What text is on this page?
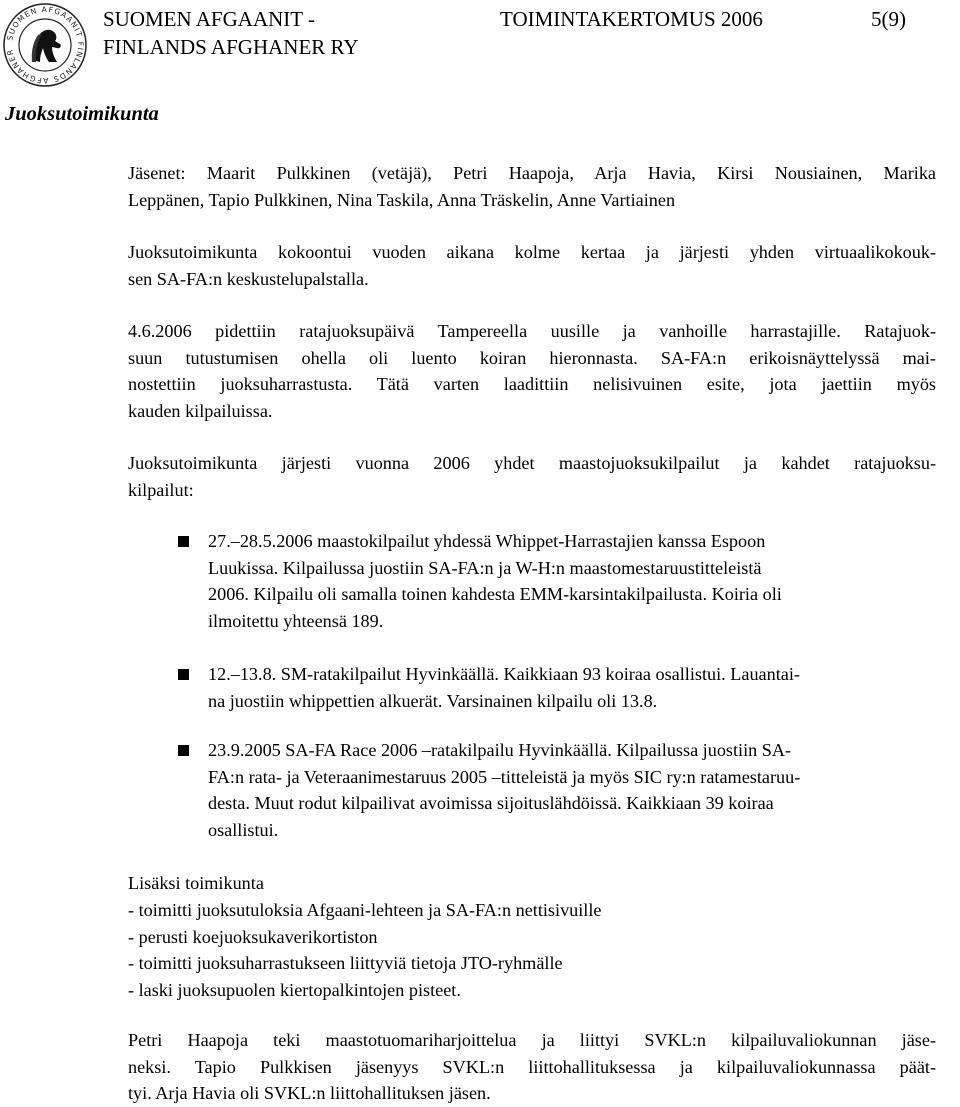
SUOMEN AFGAANIT FINLANDS AFGHANER
SUOMEN AFGAANIT -
FINLANDS AFGHANER RY
TOIMINTAKERTOMUS 2006	5(9)
Juoksutoimikunta
Jäsenet: Maarit Pulkkinen (vetäjä), Petri Haapoja, Arja Havia, Kirsi Nousiainen, Marika
Leppänen, Tapio Pulkkinen, Nina Taskila, Anna Träskelin, Anne Vartiainen
Juoksutoimikunta kokoontui vuoden aikana kolme kertaa ja järjesti yhden virtuaalikokouk-
sen SA-FA:n keskustelupalstalla.
4.6.2006 pidettiin ratajuoksupäivä Tampereella uusille ja vanhoille harrastajille. Ratajuok-
suun tutustumisen ohella oli luento koiran hieronnasta. SA-FA:n erikoisnäyttelyssä mai-
nostettiin juoksuharrastusta. Tätä varten laadittiin nelisivuinen esite, jota jaettiin myös
kauden kilpailuissa.
Juoksutoimikunta järjesti vuonna 2006 yhdet maastojuoksukilpailut ja kahdet ratajuoksu-
kilpailut:
27.–28.5.2006 maastokilpailut yhdessä Whippet-Harrastajien kanssa Espoon
Luukissa. Kilpailussa juostiin SA-FA:n ja W-H:n maastomestaruustitteleistä
2006. Kilpailu oli samalla toinen kahdesta EMM-karsintakilpailusta. Koiria oli
ilmoitettu yhteensä 189.
12.–13.8. SM-ratakilpailut Hyvinkäällä. Kaikkiaan 93 koiraa osallistui. Lauantai-
na juostiin whippettien alkuerät. Varsinainen kilpailu oli 13.8.
23.9.2005 SA-FA Race 2006 –ratakilpailu Hyvinkäällä. Kilpailussa juostiin SA-
FA:n rata- ja Veteraanimestaruus 2005 –titteleistä ja myös SIC ry:n ratamestaruu-
desta. Muut rodut kilpailivat avoimissa sijoituslähdöissä. Kaikkiaan 39 koiraa
osallistui.
Lisäksi toimikunta
- toimitti juoksutuloksia Afgaani-lehteen ja SA-FA:n nettisivuille
- perusti koejuoksukaverikortiston
- toimitti juoksuharrastukseen liittyviä tietoja JTO-ryhmälle
- laski juoksupuolen kiertopalkintojen pisteet.
Petri Haapoja teki maastotuomariharjoittelua ja liittyi SVKL:n kilpailuvaliokunnan jäse-
neksi. Tapio Pulkkisen jäsenyys SVKL:n liittohallituksessa ja kilpailuvaliokunnassa päät-
tyi. Arja Havia oli SVKL:n liittohallituksen jäsen.
